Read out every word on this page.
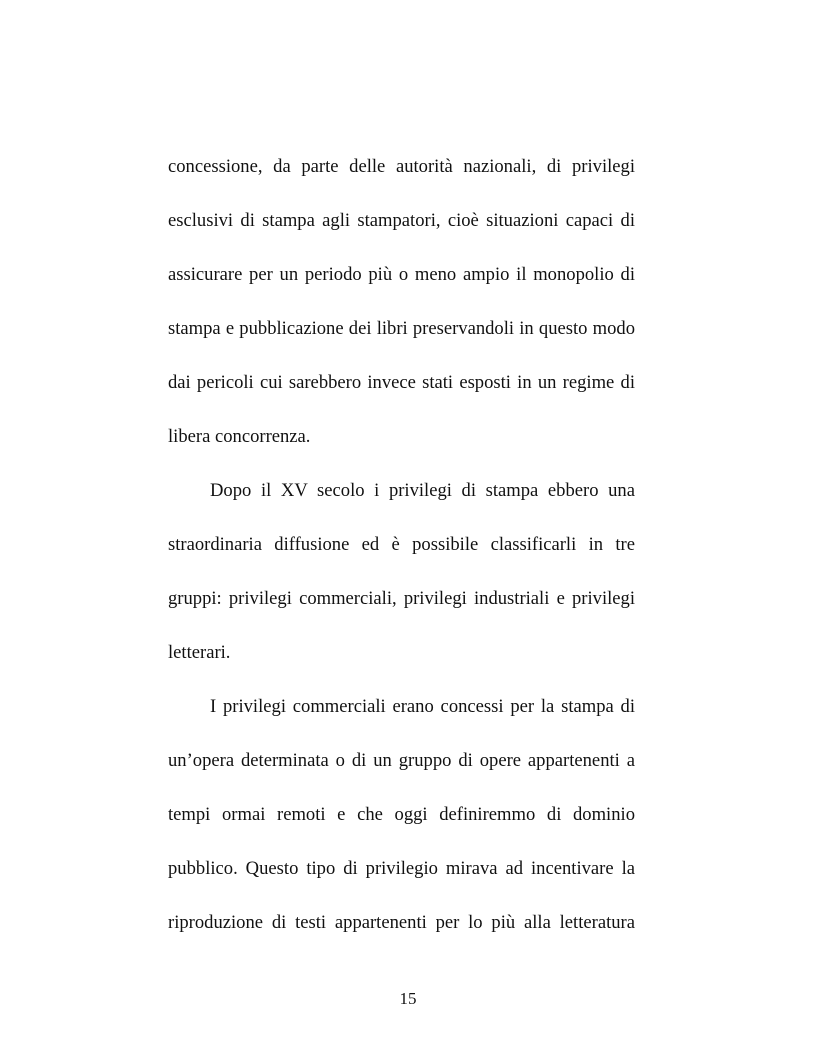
concessione, da parte delle autorità nazionali, di privilegi
esclusivi di stampa agli stampatori, cioè situazioni capaci di
assicurare per un periodo più o meno ampio il monopolio di
stampa e pubblicazione dei libri preservandoli in questo modo
dai pericoli cui sarebbero invece stati esposti in un regime di
libera concorrenza.
Dopo il XV secolo i privilegi di stampa ebbero una
straordinaria diffusione ed è possibile classificarli in tre
gruppi: privilegi commerciali, privilegi industriali e privilegi
letterari.
I privilegi commerciali erano concessi per la stampa di
un’opera determinata o di un gruppo di opere appartenenti a
tempi ormai remoti e che oggi definiremmo di dominio
pubblico. Questo tipo di privilegio mirava ad incentivare la
riproduzione di testi appartenenti per lo più alla letteratura
15
